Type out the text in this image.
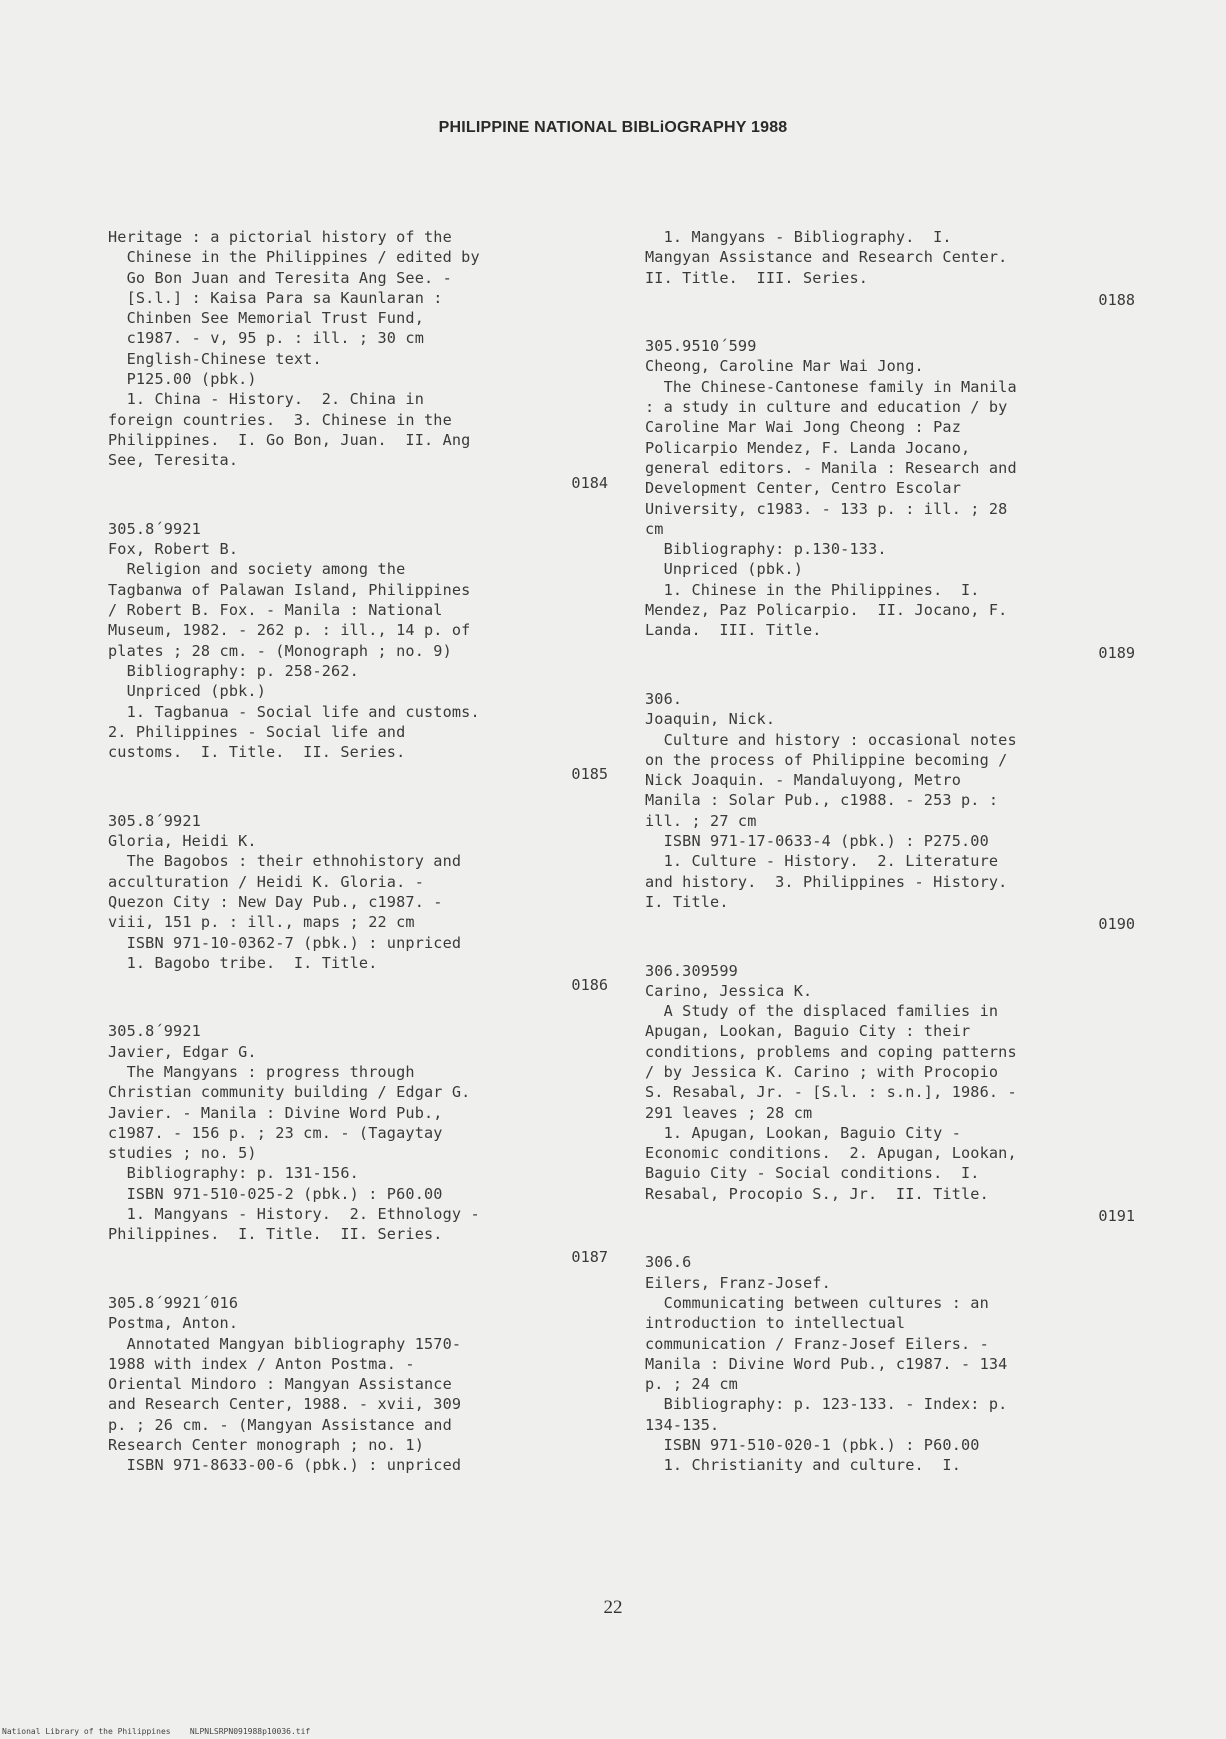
PHILIPPINE NATIONAL BIBLiOGRAPHY 1988
Heritage : a pictorial history of the
Chinese in the Philippines / edited by
Go Bon Juan and Teresita Ang See. -
[S.l.] : Kaisa Para sa Kaunlaran :
Chinben See Memorial Trust Fund,
c1987. - v, 95 p. : ill. ; 30 cm
English-Chinese text.
P125.00 (pbk.)
1. China - History.  2. China in
foreign countries.  3. Chinese in the
Philippines.  I. Go Bon, Juan.  II. Ang
See, Teresita.
0184
305.8´9921
Fox, Robert B.
Religion and society among the
Tagbanwa of Palawan Island, Philippines
/ Robert B. Fox. - Manila : National
Museum, 1982. - 262 p. : ill., 14 p. of
plates ; 28 cm. - (Monograph ; no. 9)
Bibliography: p. 258-262.
Unpriced (pbk.)
1. Tagbanua - Social life and customs.
2. Philippines - Social life and
customs.  I. Title.  II. Series.
0185
305.8´9921
Gloria, Heidi K.
The Bagobos : their ethnohistory and
acculturation / Heidi K. Gloria. -
Quezon City : New Day Pub., c1987. -
viii, 151 p. : ill., maps ; 22 cm
ISBN 971-10-0362-7 (pbk.) : unpriced
1. Bagobo tribe.  I. Title.
0186
305.8´9921
Javier, Edgar G.
The Mangyans : progress through
Christian community building / Edgar G.
Javier. - Manila : Divine Word Pub.,
c1987. - 156 p. ; 23 cm. - (Tagaytay
studies ; no. 5)
Bibliography: p. 131-156.
ISBN 971-510-025-2 (pbk.) : P60.00
1. Mangyans - History.  2. Ethnology -
Philippines.  I. Title.  II. Series.
0187
305.8´9921´016
Postma, Anton.
Annotated Mangyan bibliography 1570-
1988 with index / Anton Postma. -
Oriental Mindoro : Mangyan Assistance
and Research Center, 1988. - xvii, 309
p. ; 26 cm. - (Mangyan Assistance and
Research Center monograph ; no. 1)
ISBN 971-8633-00-6 (pbk.) : unpriced
1. Mangyans - Bibliography.  I.
Mangyan Assistance and Research Center.
II. Title.  III. Series.
0188
305.9510´599
Cheong, Caroline Mar Wai Jong.
The Chinese-Cantonese family in Manila
: a study in culture and education / by
Caroline Mar Wai Jong Cheong : Paz
Policarpio Mendez, F. Landa Jocano,
general editors. - Manila : Research and
Development Center, Centro Escolar
University, c1983. - 133 p. : ill. ; 28
cm
Bibliography: p.130-133.
Unpriced (pbk.)
1. Chinese in the Philippines.  I.
Mendez, Paz Policarpio.  II. Jocano, F.
Landa.  III. Title.
0189
306.
Joaquin, Nick.
Culture and history : occasional notes
on the process of Philippine becoming /
Nick Joaquin. - Mandaluyong, Metro
Manila : Solar Pub., c1988. - 253 p. :
ill. ; 27 cm
ISBN 971-17-0633-4 (pbk.) : P275.00
1. Culture - History.  2. Literature
and history.  3. Philippines - History.
I. Title.
0190
306.309599
Carino, Jessica K.
A Study of the displaced families in
Apugan, Lookan, Baguio City : their
conditions, problems and coping patterns
/ by Jessica K. Carino ; with Procopio
S. Resabal, Jr. - [S.l. : s.n.], 1986. -
291 leaves ; 28 cm
1. Apugan, Lookan, Baguio City -
Economic conditions.  2. Apugan, Lookan,
Baguio City - Social conditions.  I.
Resabal, Procopio S., Jr.  II. Title.
0191
306.6
Eilers, Franz-Josef.
Communicating between cultures : an
introduction to intellectual
communication / Franz-Josef Eilers. -
Manila : Divine Word Pub., c1987. - 134
p. ; 24 cm
Bibliography: p. 123-133. - Index: p.
134-135.
ISBN 971-510-020-1 (pbk.) : P60.00
1. Christianity and culture.  I.
22
National Library of the Philippines    NLPNLSRPN091988p10036.tif
